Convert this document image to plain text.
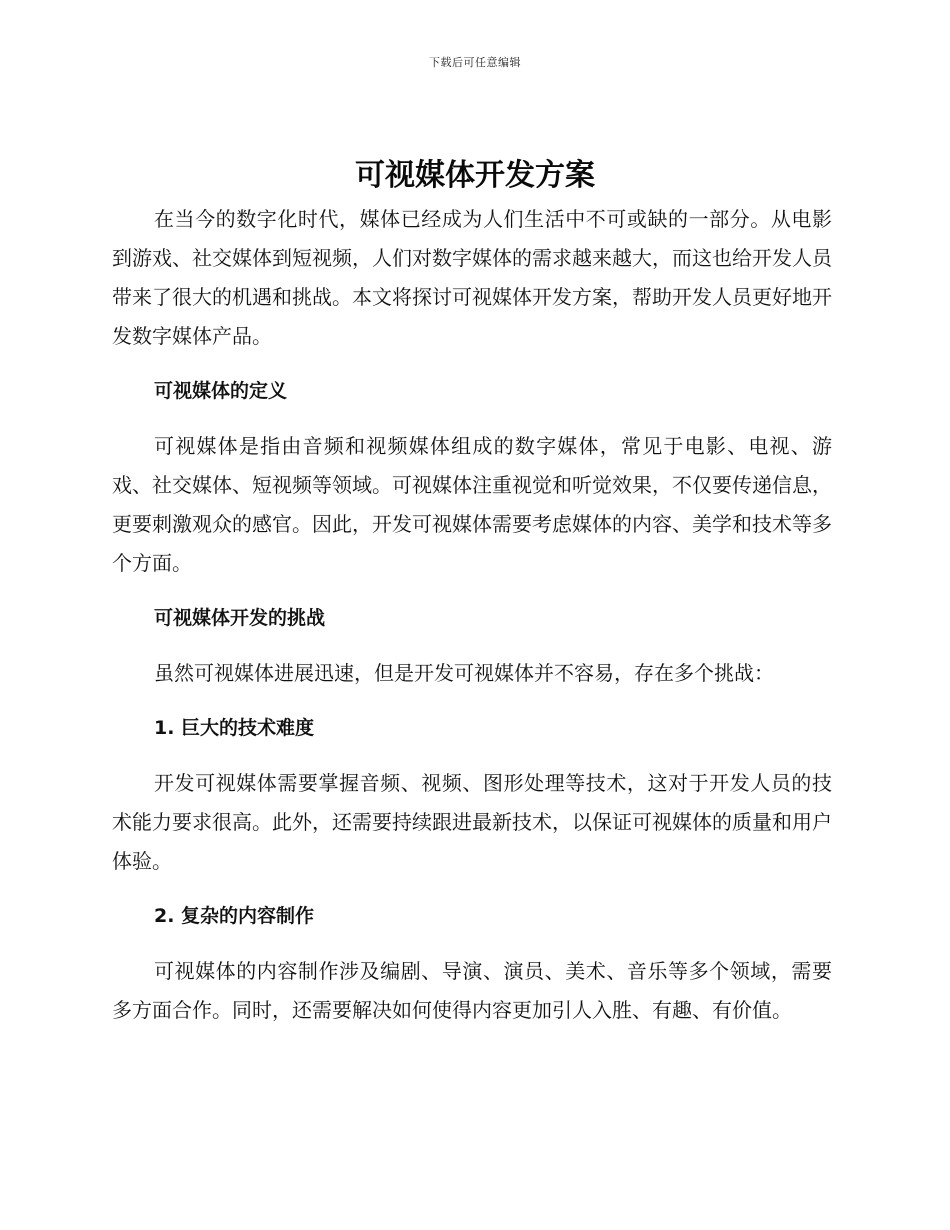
下载后可任意编辑
可视媒体开发方案

在当今的数字化时代，媒体已经成为人们生活中不可或缺的一部分。从电影到游戏、社交媒体到短视频，人们对数字媒体的需求越来越大，而这也给开发人员带来了很大的机遇和挑战。本文将探讨可视媒体开发方案，帮助开发人员更好地开发数字媒体产品。

可视媒体的定义

可视媒体是指由音频和视频媒体组成的数字媒体，常见于电影、电视、游戏、社交媒体、短视频等领域。可视媒体注重视觉和听觉效果，不仅要传递信息，更要刺激观众的感官。因此，开发可视媒体需要考虑媒体的内容、美学和技术等多个方面。

可视媒体开发的挑战

虽然可视媒体进展迅速，但是开发可视媒体并不容易，存在多个挑战：

1. 巨大的技术难度

开发可视媒体需要掌握音频、视频、图形处理等技术，这对于开发人员的技术能力要求很高。此外，还需要持续跟进最新技术，以保证可视媒体的质量和用户体验。

2. 复杂的内容制作

可视媒体的内容制作涉及编剧、导演、演员、美术、音乐等多个领域，需要多方面合作。同时，还需要解决如何使得内容更加引人入胜、有趣、有价值。
